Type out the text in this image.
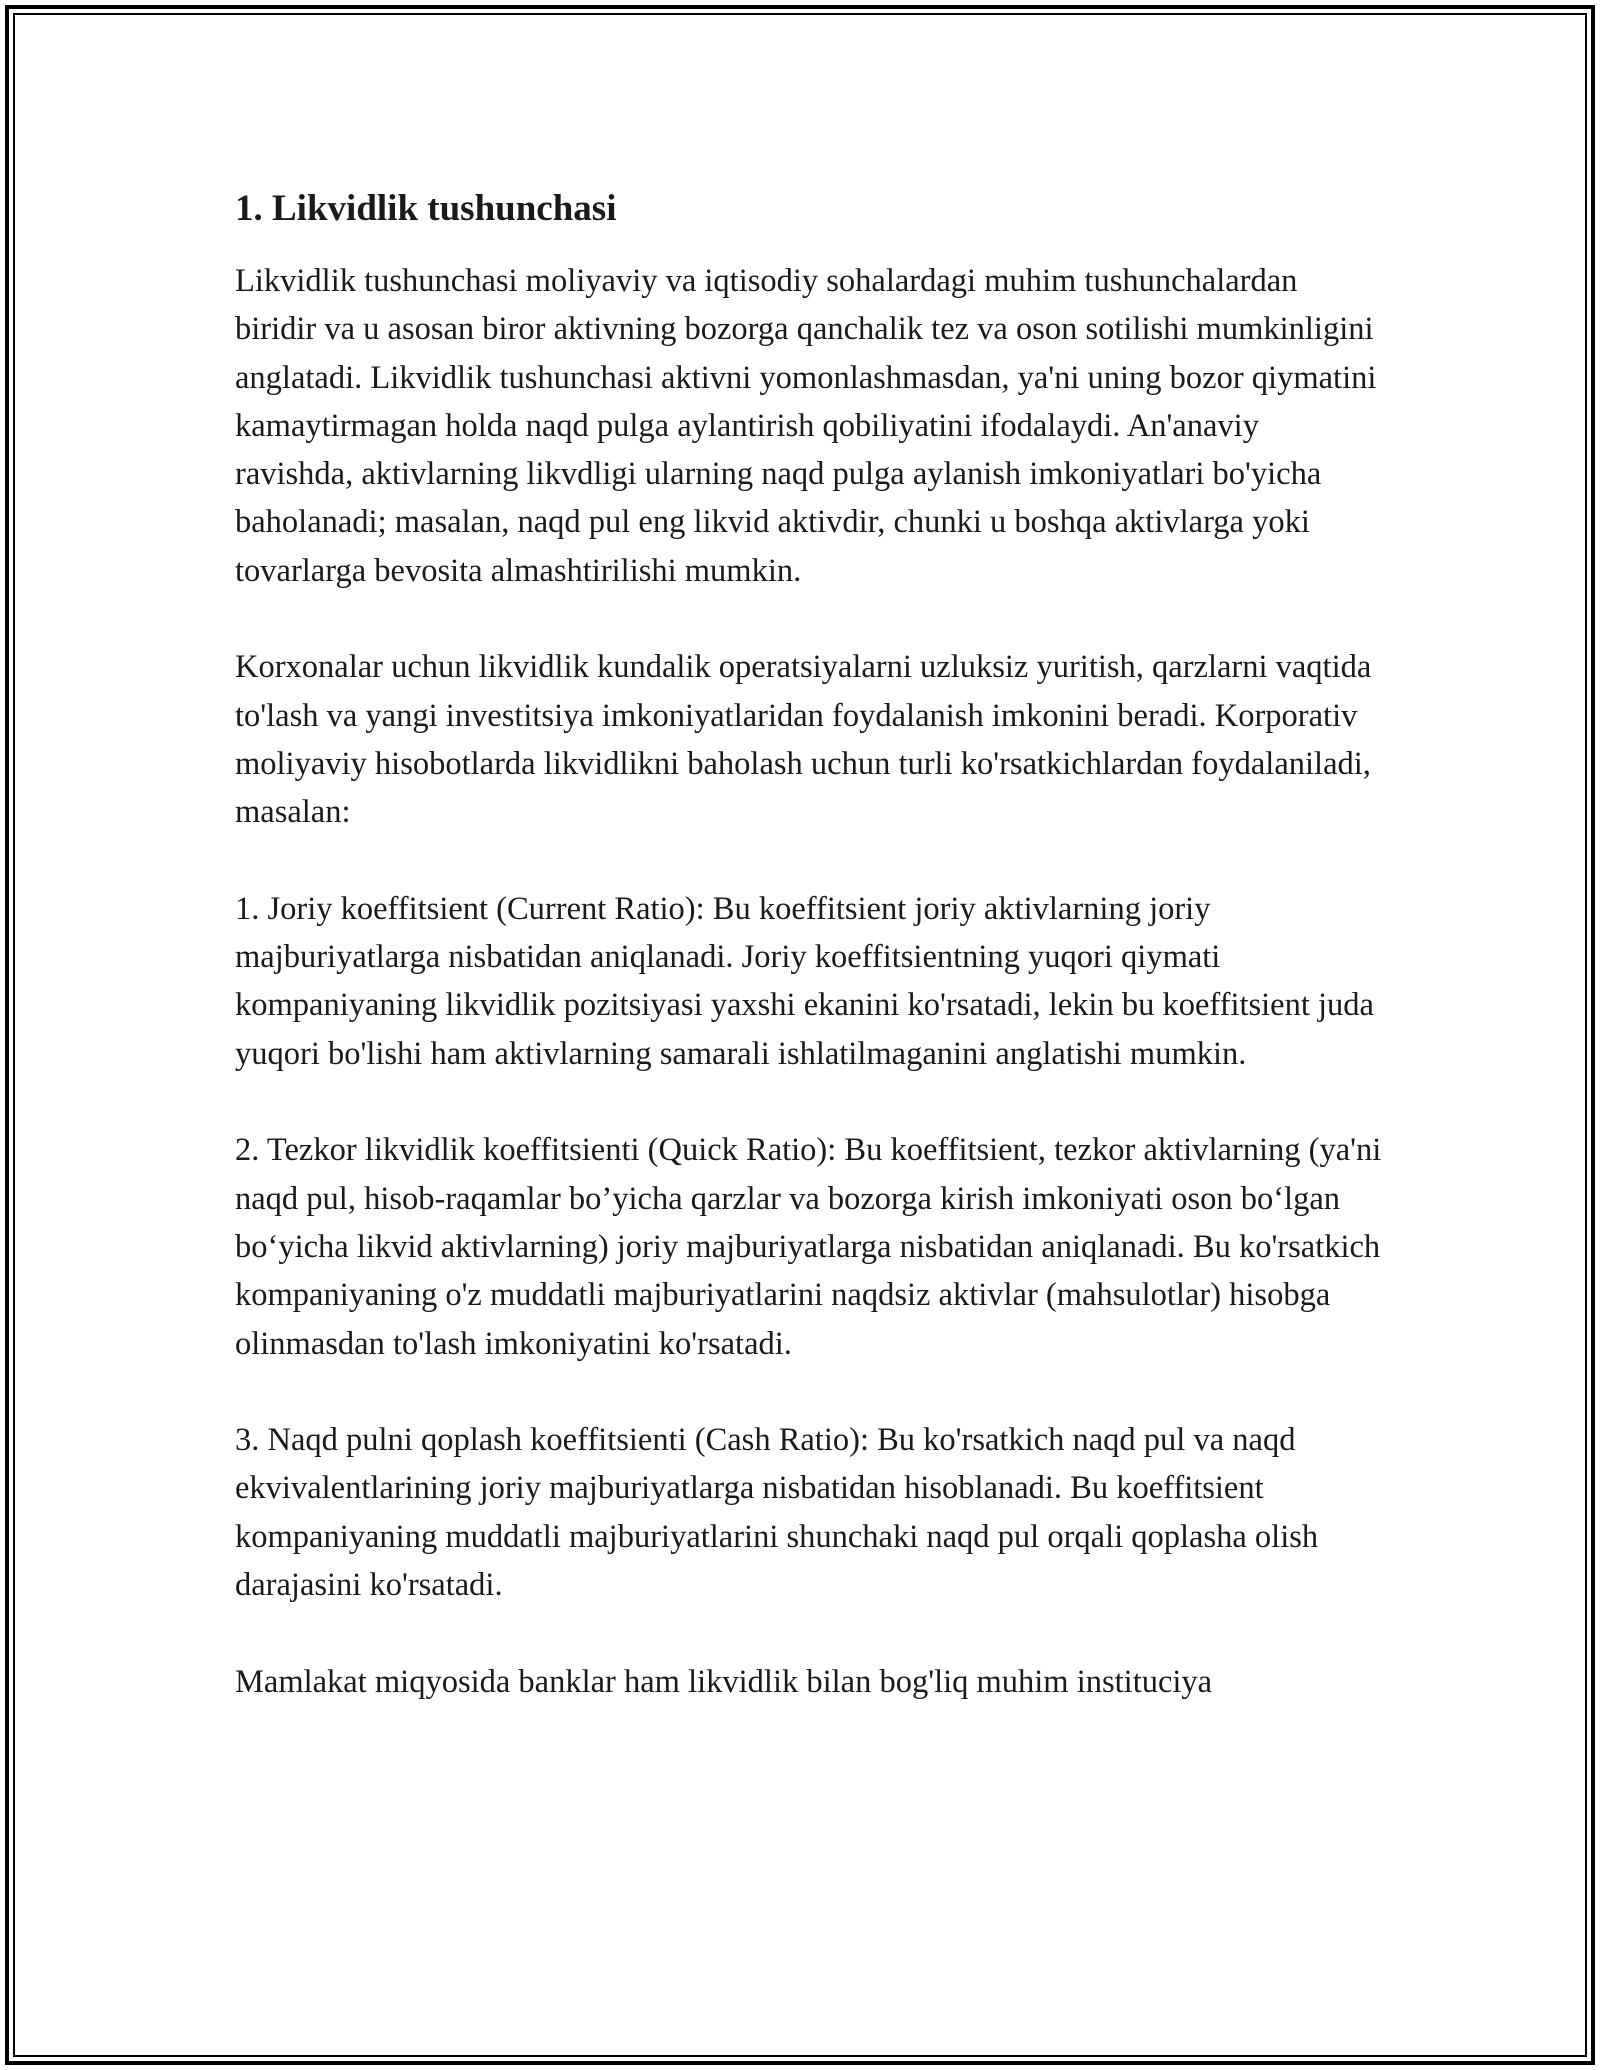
1. Likvidlik tushunchasi

Likvidlik tushunchasi moliyaviy va iqtisodiy sohalardagi muhim tushunchalardan biridir va u asosan biror aktivning bozorga qanchalik tez va oson sotilishi mumkinligini anglatadi. Likvidlik tushunchasi aktivni yomonlashmasdan, ya'ni uning bozor qiymatini kamaytirmagan holda naqd pulga aylantirish qobiliyatini ifodalaydi. An'anaviy ravishda, aktivlarning likvdligi ularning naqd pulga aylanish imkoniyatlari bo'yicha baholanadi; masalan, naqd pul eng likvid aktivdir, chunki u boshqa aktivlarga yoki tovarlarga bevosita almashtirilishi mumkin.

Korxonalar uchun likvidlik kundalik operatsiyalarni uzluksiz yuritish, qarzlarni vaqtida to'lash va yangi investitsiya imkoniyatlaridan foydalanish imkonini beradi. Korporativ moliyaviy hisobotlarda likvidlikni baholash uchun turli ko'rsatkichlardan foydalaniladi, masalan:

1. Joriy koeffitsient (Current Ratio): Bu koeffitsient joriy aktivlarning joriy majburiyatlarga nisbatidan aniqlanadi. Joriy koeffitsientning yuqori qiymati kompaniyaning likvidlik pozitsiyasi yaxshi ekanini ko'rsatadi, lekin bu koeffitsient juda yuqori bo'lishi ham aktivlarning samarali ishlatilmaganini anglatishi mumkin.

2. Tezkor likvidlik koeffitsienti (Quick Ratio): Bu koeffitsient, tezkor aktivlarning (ya'ni naqd pul, hisob-raqamlar bo’yicha qarzlar va bozorga kirish imkoniyati oson bo‘lgan bo‘yicha likvid aktivlarning) joriy majburiyatlarga nisbatidan aniqlanadi. Bu ko'rsatkich kompaniyaning o'z muddatli majburiyatlarini naqdsiz aktivlar (mahsulotlar) hisobga olinmasdan to'lash imkoniyatini ko'rsatadi.

3. Naqd pulni qoplash koeffitsienti (Cash Ratio): Bu ko'rsatkich naqd pul va naqd ekvivalentlarining joriy majburiyatlarga nisbatidan hisoblanadi. Bu koeffitsient kompaniyaning muddatli majburiyatlarini shunchaki naqd pul orqali qoplasha olish darajasini ko'rsatadi.

Mamlakat miqyosida banklar ham likvidlik bilan bog'liq muhim instituciya
